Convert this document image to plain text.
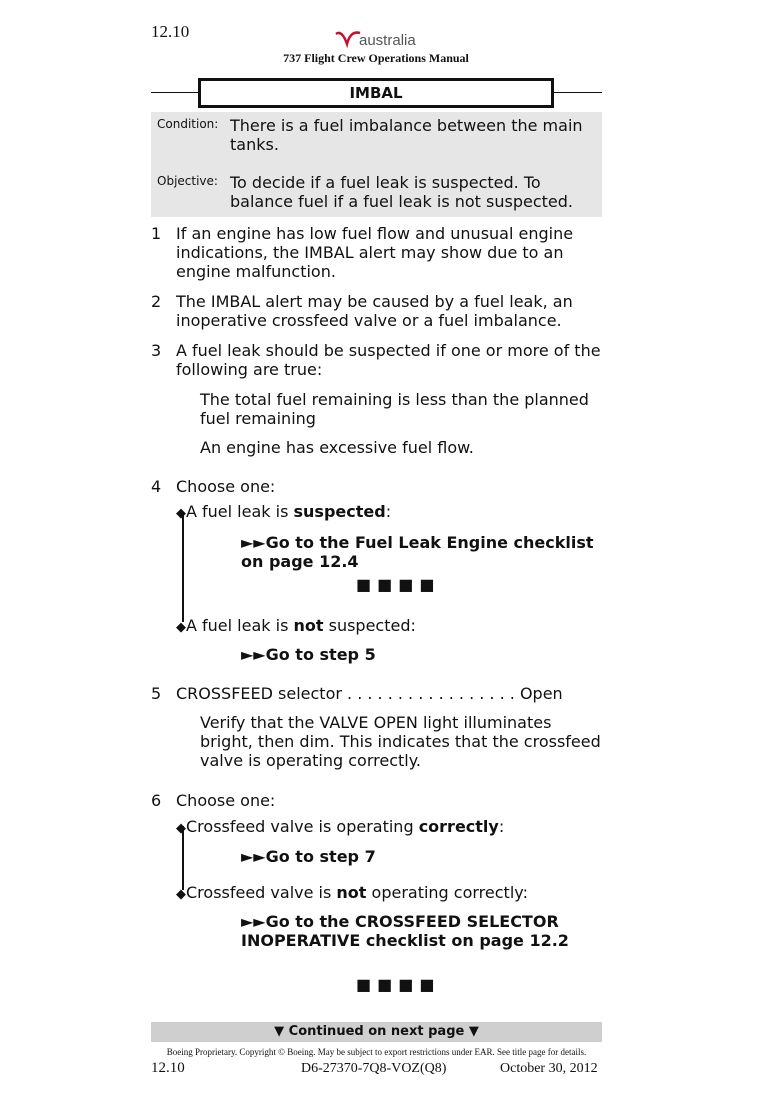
12.10	australia
737 Flight Crew Operations Manual
IMBAL
Condition: There is a fuel imbalance between the main tanks.
Objective: To decide if a fuel leak is suspected. To balance fuel if a fuel leak is not suspected.
1 If an engine has low fuel flow and unusual engine indications, the IMBAL alert may show due to an engine malfunction.
2 The IMBAL alert may be caused by a fuel leak, an inoperative crossfeed valve or a fuel imbalance.
3 A fuel leak should be suspected if one or more of the following are true:
The total fuel remaining is less than the planned fuel remaining
An engine has excessive fuel flow.
4 Choose one:
◆A fuel leak is suspected:
►►Go to the Fuel Leak Engine checklist on page 12.4
■■■■
◆A fuel leak is not suspected:
►►Go to step 5
5 CROSSFEED selector . . . . . . . . . . . . . . . . . Open
Verify that the VALVE OPEN light illuminates bright, then dim. This indicates that the crossfeed valve is operating correctly.
6 Choose one:
◆Crossfeed valve is operating correctly:
►►Go to step 7
◆Crossfeed valve is not operating correctly:
►►Go to the CROSSFEED SELECTOR INOPERATIVE checklist on page 12.2
■■■■
▼ Continued on next page ▼
Boeing Proprietary. Copyright © Boeing. May be subject to export restrictions under EAR. See title page for details.
12.10	D6-27370-7Q8-VOZ(Q8)	October 30, 2012
